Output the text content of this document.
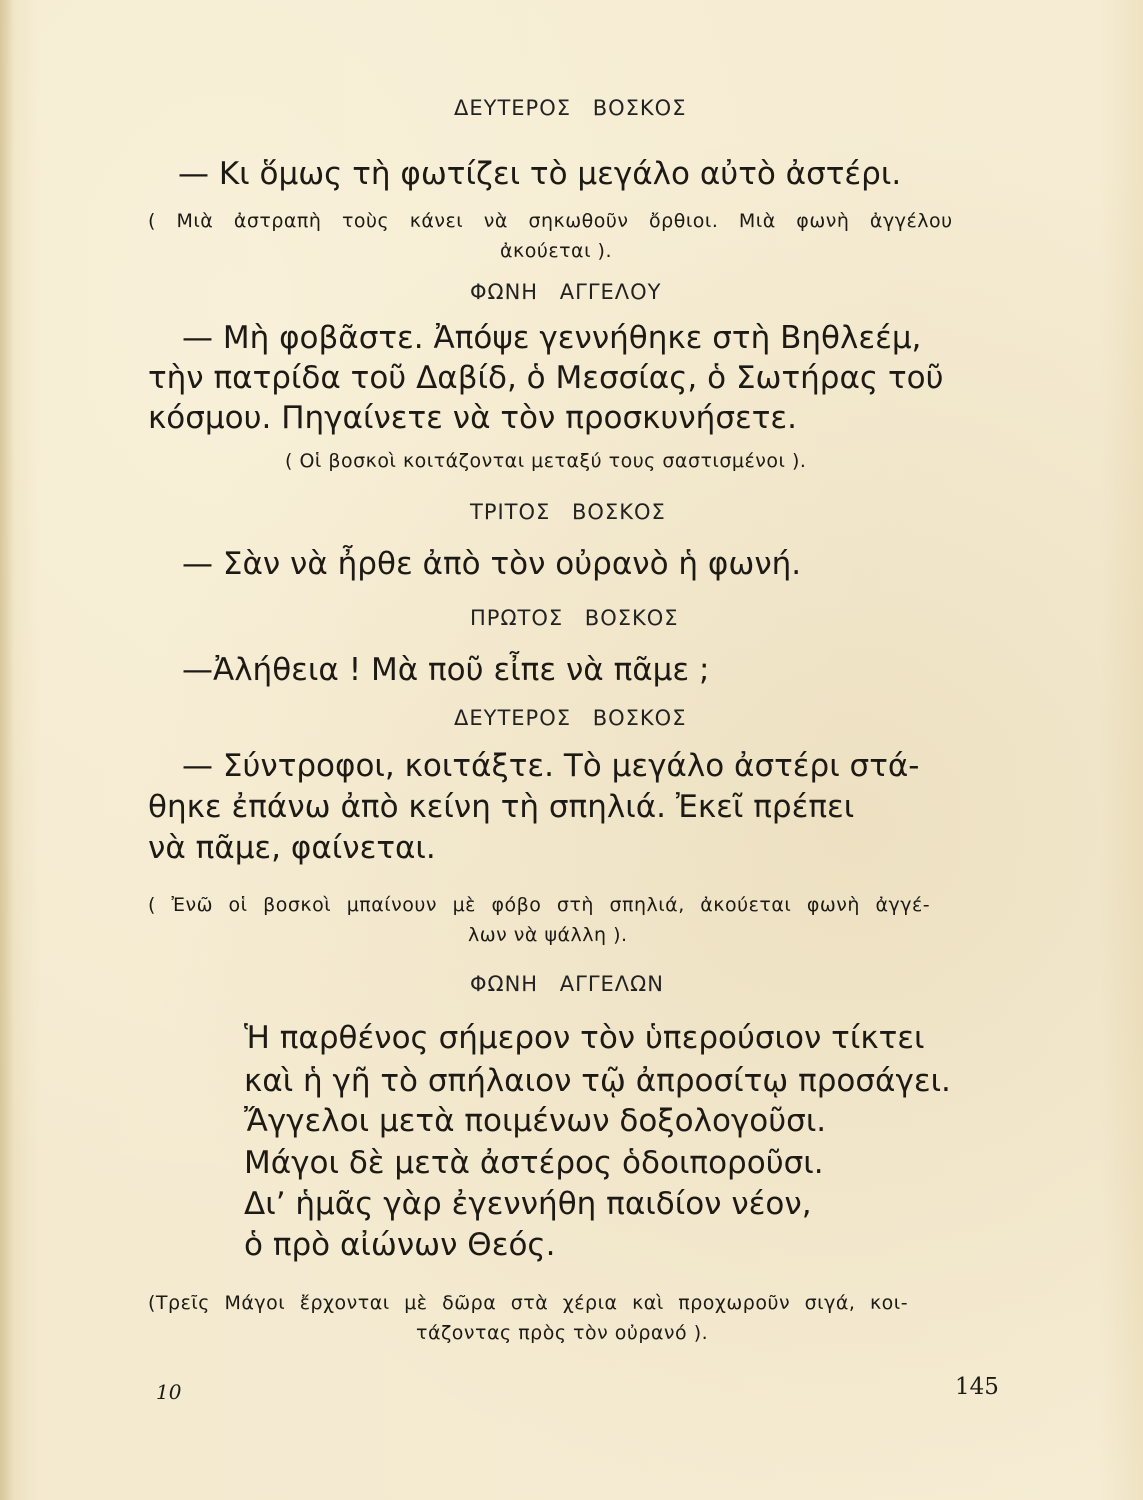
ΔΕΥΤΕΡΟΣ ΒΟΣΚΟΣ

— Κι ὅμως τὴ φωτίζει τὸ μεγάλο αὐτὸ ἀστέρι.

( Μιὰ ἀστραπὴ τοὺς κάνει νὰ σηκωθοῦν ὄρθιοι. Μιὰ φωνὴ ἀγγέλου

ἀκούεται ).

ΦΩΝΗ ΑΓΓΕΛΟΥ

— Μὴ φοβᾶστε. Ἀπόψε γεννήθηκε στὴ Βηθλεέμ,

τὴν πατρίδα τοῦ Δαβίδ, ὁ Μεσσίας, ὁ Σωτήρας τοῦ

κόσμου. Πηγαίνετε νὰ τὸν προσκυνήσετε.

( Οἱ βοσκοὶ κοιτάζονται μεταξύ τους σαστισμένοι ).

ΤΡΙΤΟΣ ΒΟΣΚΟΣ

— Σὰν νὰ ἦρθε ἀπὸ τὸν οὐρανὸ ἡ φωνή.

ΠΡΩΤΟΣ ΒΟΣΚΟΣ

—Ἀλήθεια ! Μὰ ποῦ εἶπε νὰ πᾶμε ;

ΔΕΥΤΕΡΟΣ ΒΟΣΚΟΣ

— Σύντροφοι, κοιτάξτε. Τὸ μεγάλο ἀστέρι στά-

θηκε ἐπάνω ἀπὸ κείνη τὴ σπηλιά. Ἐκεῖ πρέπει

νὰ πᾶμε, φαίνεται.

( Ἐνῶ οἱ βοσκοὶ μπαίνουν μὲ φόβο στὴ σπηλιά, ἀκούεται φωνὴ ἀγγέ-

λων νὰ ψάλλη ).

ΦΩΝΗ ΑΓΓΕΛΩΝ

Ἡ παρθένος σήμερον τὸν ὑπερούσιον τίκτει

καὶ ἡ γῆ τὸ σπήλαιον τῷ ἀπροσίτῳ προσάγει.

Ἄγγελοι μετὰ ποιμένων δοξολογοῦσι.

Μάγοι δὲ μετὰ ἀστέρος ὁδοιποροῦσι.

Δι’ ἡμᾶς γὰρ ἐγεννήθη παιδίον νέον,

ὁ πρὸ αἰώνων Θεός.

(Τρεῖς Μάγοι ἔρχονται μὲ δῶρα στὰ χέρια καὶ προχωροῦν σιγά, κοι-

τάζοντας πρὸς τὸν οὐρανό ).

10	145
